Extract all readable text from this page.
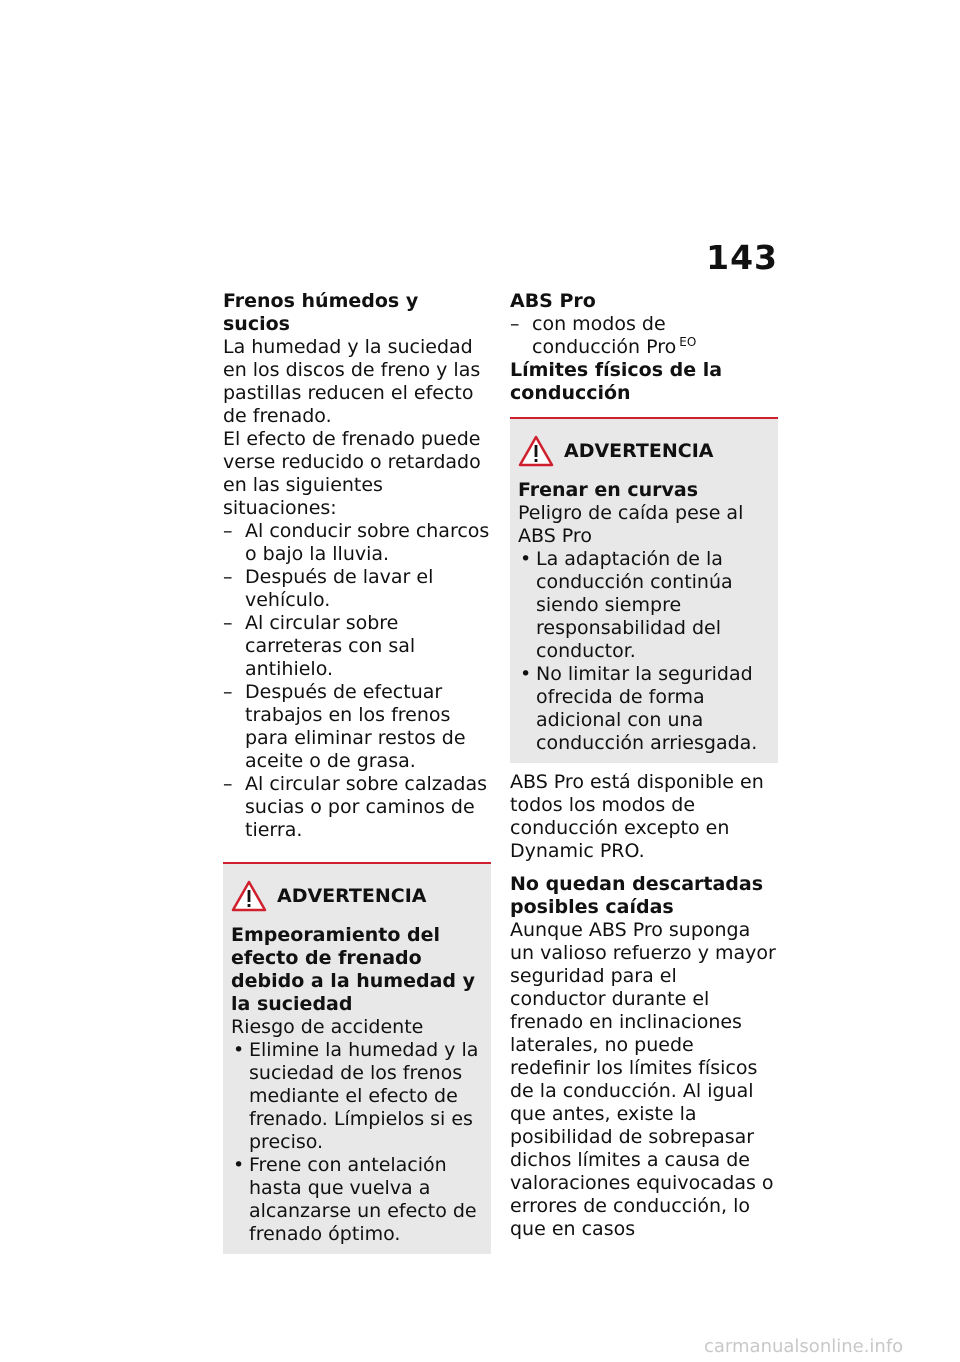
143
Frenos húmedos y sucios

La humedad y la suciedad en los discos de freno y las pastillas reducen el efecto de frenado.

El efecto de frenado puede verse reducido o retardado en las siguientes situaciones:

– Al conducir sobre charcos o bajo la lluvia.
– Después de lavar el vehículo.
– Al circular sobre carreteras con sal antihielo.
– Después de efectuar trabajos en los frenos para eliminar restos de aceite o de grasa.
– Al circular sobre calzadas sucias o por caminos de tierra.
ADVERTENCIA
Empeoramiento del efecto de frenado debido a la humedad y la suciedad

Riesgo de accidente

• Elimine la humedad y la suciedad de los frenos mediante el efecto de frenado. Límpielos si es preciso.
• Frene con antelación hasta que vuelva a alcanzarse un efecto de frenado óptimo.
ABS Pro
– con modos de conducción Pro $^{EO}$
Límites físicos de la conducción
ADVERTENCIA
Frenar en curvas

Peligro de caída pese al ABS Pro

• La adaptación de la conducción continúa siendo siempre responsabilidad del conductor.
• No limitar la seguridad ofrecida de forma adicional con una conducción arriesgada.

ABS Pro está disponible en todos los modos de conducción excepto en Dynamic PRO.

No quedan descartadas posibles caídas

Aunque ABS Pro suponga un valioso refuerzo y mayor seguridad para el conductor durante el frenado en inclinaciones laterales, no puede redefinir los límites físicos de la conducción. Al igual que antes, existe la posibilidad de sobrepasar dichos límites a causa de valoraciones equivocadas o errores de conducción, lo que en casos

carmanualsonline.info
